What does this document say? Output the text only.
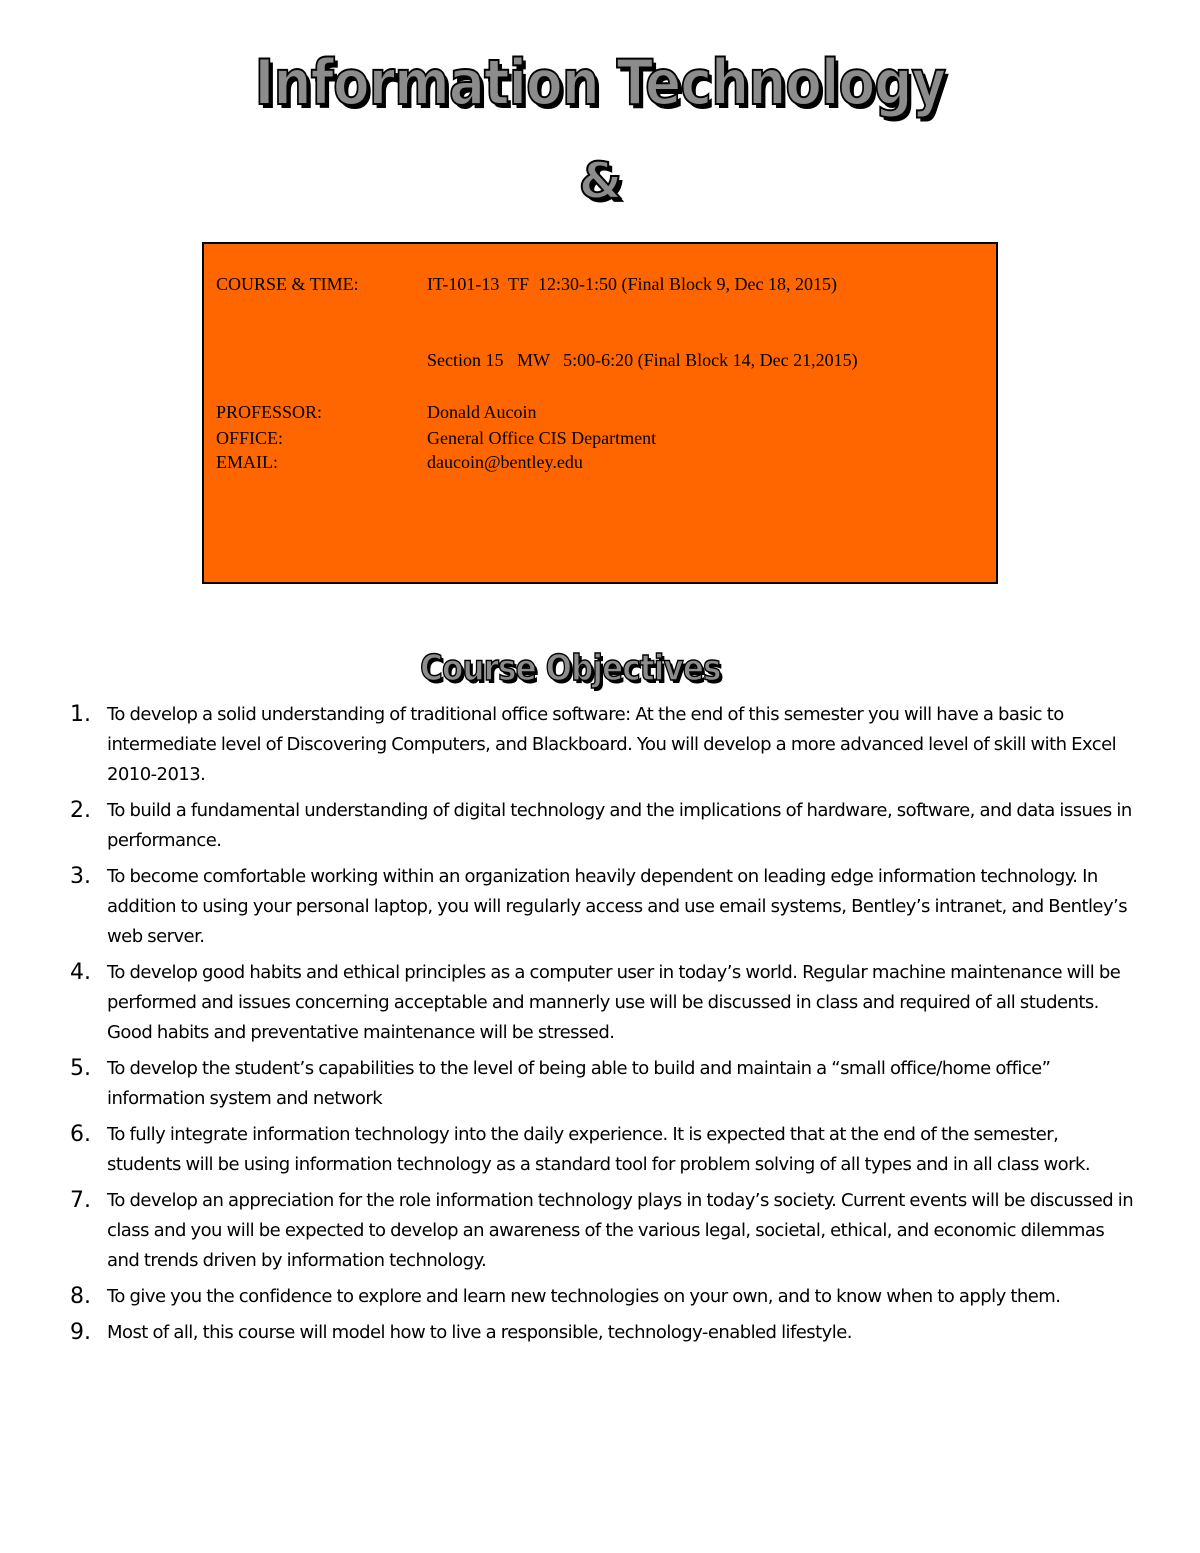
Information Technology
&
COURSE & TIME:	IT-101-13  TF  12:30-1:50 (Final Block 9, Dec 18, 2015)
Section 15   MW   5:00-6:20 (Final Block 14, Dec 21,2015)
PROFESSOR:	Donald Aucoin
OFFICE:	General Office CIS Department
EMAIL:	daucoin@bentley.edu
Course Objectives
1. To develop a solid understanding of traditional office software: At the end of this semester you will have a basic to intermediate level of Discovering Computers, and Blackboard. You will develop a more advanced level of skill with Excel 2010-2013.
2. To build a fundamental understanding of digital technology and the implications of hardware, software, and data issues in performance.
3. To become comfortable working within an organization heavily dependent on leading edge information technology. In addition to using your personal laptop, you will regularly access and use email systems, Bentley’s intranet, and Bentley’s web server.
4. To develop good habits and ethical principles as a computer user in today’s world. Regular machine maintenance will be performed and issues concerning acceptable and mannerly use will be discussed in class and required of all students. Good habits and preventative maintenance will be stressed.
5. To develop the student’s capabilities to the level of being able to build and maintain a “small office/home office” information system and network
6. To fully integrate information technology into the daily experience. It is expected that at the end of the semester, students will be using information technology as a standard tool for problem solving of all types and in all class work.
7. To develop an appreciation for the role information technology plays in today’s society. Current events will be discussed in class and you will be expected to develop an awareness of the various legal, societal, ethical, and economic dilemmas and trends driven by information technology.
8. To give you the confidence to explore and learn new technologies on your own, and to know when to apply them.
9. Most of all, this course will model how to live a responsible, technology-enabled lifestyle.
